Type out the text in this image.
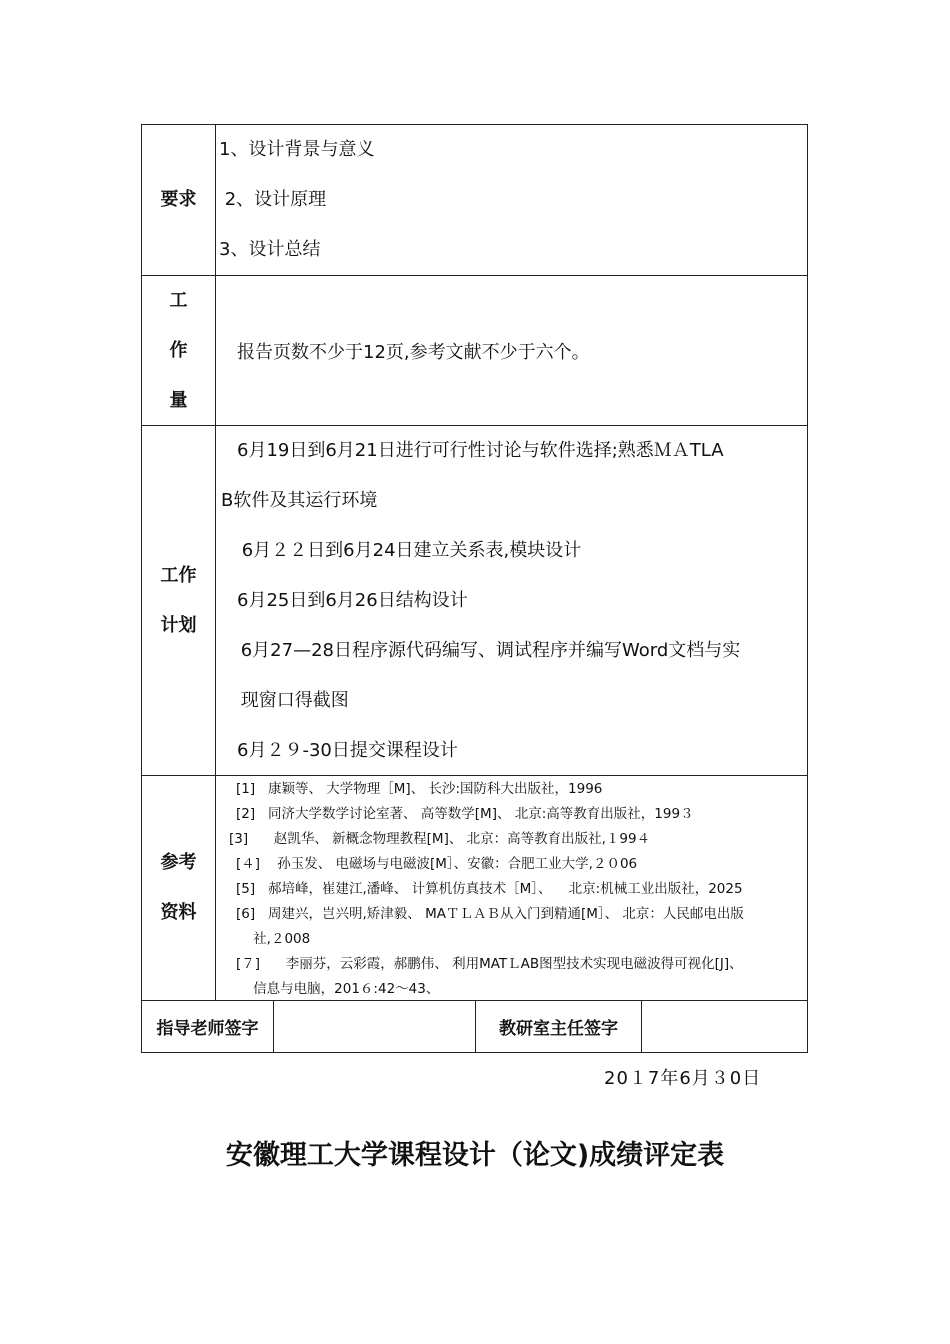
要求
1、设计背景与意义
2、设计原理
3、设计总结
工
作
量
报告页数不少于12页,参考文献不少于六个。
工作
计划
6月19日到6月21日进行可行性讨论与软件选择;熟悉ＭＡTLA
B软件及其运行环境
6月２２日到6月24日建立关系表,模块设计
6月25日到6月26日结构设计
6月27—28日程序源代码编写、调试程序并编写Word文档与实
现窗口得截图
6月２９-30日提交课程设计
参考
资料
[1]   康颖等、 大学物理［M]、 长沙:国防科大出版社，1996
[2]   同济大学数学讨论室著、 高等数学[M]、 北京:高等教育出版社，199３
[3]      赵凯华、 新概念物理教程[M]、 北京：高等教育出版社,１99４
[４]    孙玉发、 电磁场与电磁波[M］、安徽：合肥工业大学,２０06
[5]   郝培峰，崔建江,潘峰、 计算机仿真技术［M］、    北京:机械工业出版社，2025
[6]   周建兴，岂兴明,矫津毅、 MAＴＬＡＢ从入门到精通[M］、 北京：人民邮电出版
社,２008
[７]      李丽芬，云彩霞，郝鹏伟、 利用MATＬAB图型技术实现电磁波得可视化[J]、
信息与电脑，201６:42～43、
指导老师签字	教研室主任签字
20１7年6月３0日
安徽理工大学课程设计（论文)成绩评定表
